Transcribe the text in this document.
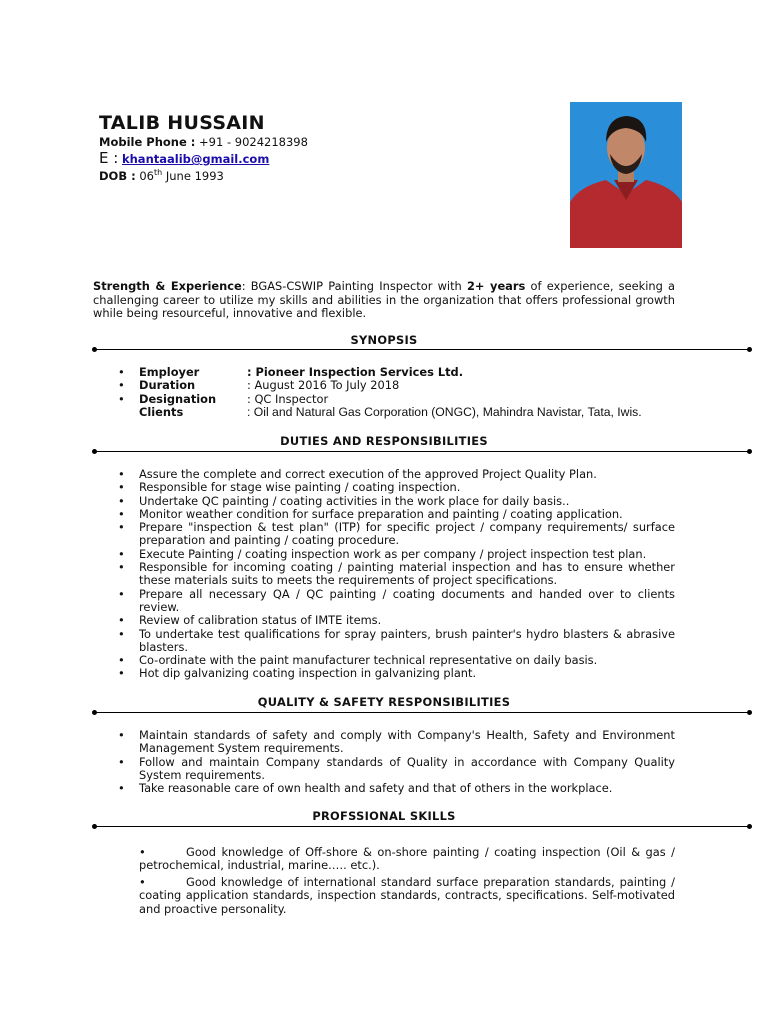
TALIB HUSSAIN
Mobile Phone : +91 - 9024218398
E : khantaalib@gmail.com
DOB : 06th June 1993
Strength & Experience: BGAS-CSWIP Painting Inspector with 2+ years of experience, seeking a challenging career to utilize my skills and abilities in the organization that offers professional growth while being resourceful, innovative and flexible.
SYNOPSIS
• Employer	: Pioneer Inspection Services Ltd.
• Duration	: August 2016 To July 2018
• Designation	: QC Inspector
Clients	: Oil and Natural Gas Corporation (ONGC), Mahindra Navistar, Tata, Iwis.
DUTIES AND RESPONSIBILITIES
• Assure the complete and correct execution of the approved Project Quality Plan.
• Responsible for stage wise painting / coating inspection.
• Undertake QC painting / coating activities in the work place for daily basis..
• Monitor weather condition for surface preparation and painting / coating application.
• Prepare "inspection & test plan" (ITP) for specific project / company requirements/ surface preparation and painting / coating procedure.
• Execute Painting / coating inspection work as per company / project inspection test plan.
• Responsible for incoming coating / painting material inspection and has to ensure whether these materials suits to meets the requirements of project specifications.
• Prepare all necessary QA / QC painting / coating documents and handed over to clients review.
• Review of calibration status of IMTE items.
• To undertake test qualifications for spray painters, brush painter's hydro blasters & abrasive blasters.
• Co-ordinate with the paint manufacturer technical representative on daily basis.
• Hot dip galvanizing coating inspection in galvanizing plant.
QUALITY & SAFETY RESPONSIBILITIES
• Maintain standards of safety and comply with Company's Health, Safety and Environment Management System requirements.
• Follow and maintain Company standards of Quality in accordance with Company Quality System requirements.
• Take reasonable care of own health and safety and that of others in the workplace.
PROFSSIONAL SKILLS
•	Good knowledge of Off-shore & on-shore painting / coating inspection (Oil & gas / petrochemical, industrial, marine.…. etc.).
•	Good knowledge of international standard surface preparation standards, painting / coating application standards, inspection standards, contracts, specifications. Self-motivated and proactive personality.
